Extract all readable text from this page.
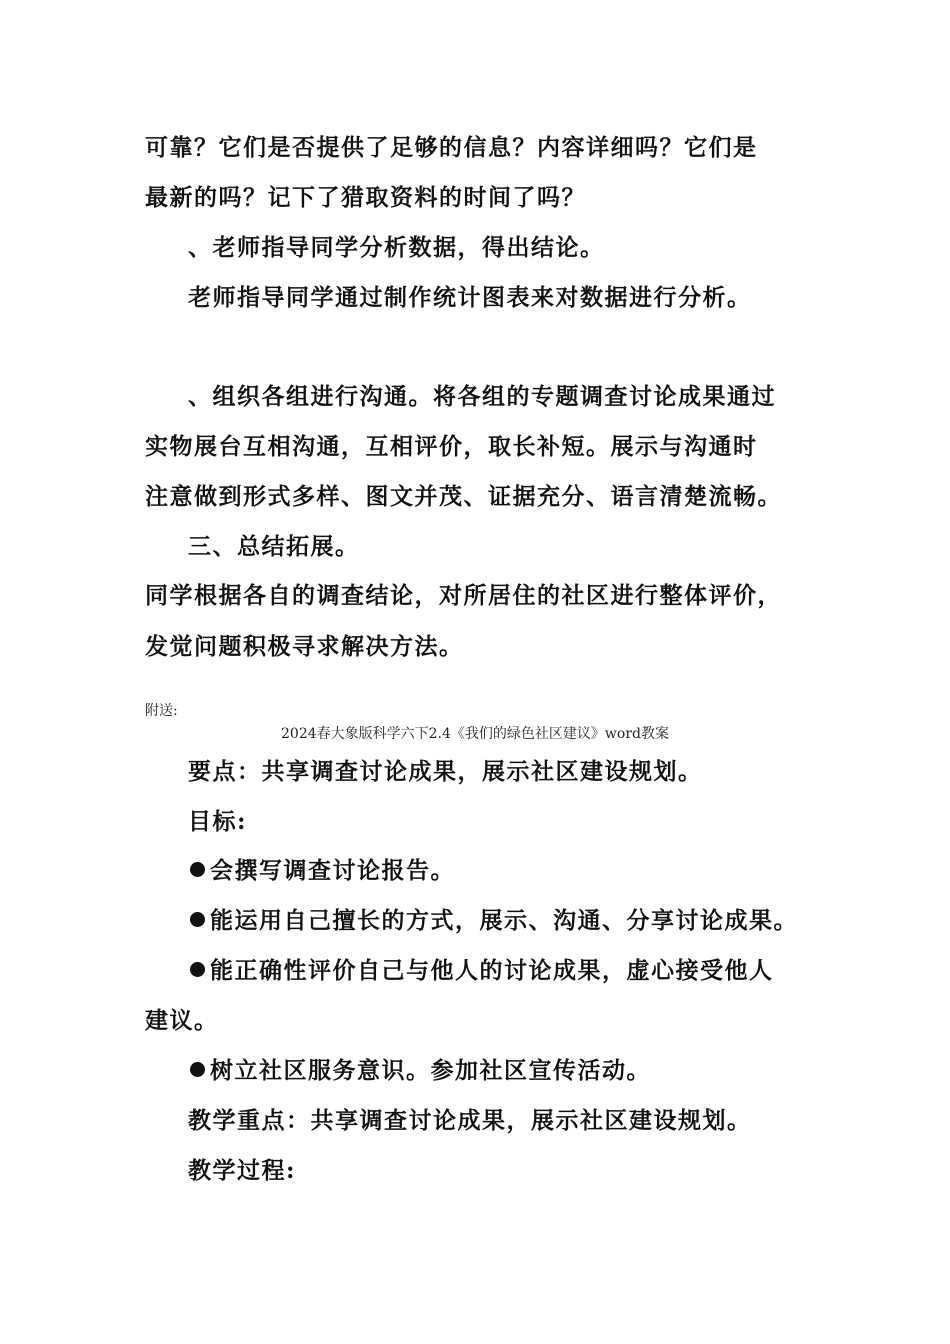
可靠？它们是否提供了足够的信息？内容详细吗？它们是
最新的吗？记下了猎取资料的时间了吗？
、老师指导同学分析数据，得出结论。
老师指导同学通过制作统计图表来对数据进行分析。
、组织各组进行沟通。将各组的专题调查讨论成果通过
实物展台互相沟通，互相评价，取长补短。展示与沟通时
注意做到形式多样、图文并茂、证据充分、语言清楚流畅。
三、总结拓展。
同学根据各自的调查结论，对所居住的社区进行整体评价，
发觉问题积极寻求解决方法。
附送:
2024春大象版科学六下2.4《我们的绿色社区建议》word教案
要点：共享调查讨论成果，展示社区建设规划。
目标:
会撰写调查讨论报告。
能运用自己擅长的方式，展示、沟通、分享讨论成果。
能正确性评价自己与他人的讨论成果，虚心接受他人
建议。
树立社区服务意识。参加社区宣传活动。
教学重点：共享调查讨论成果，展示社区建设规划。
教学过程:
